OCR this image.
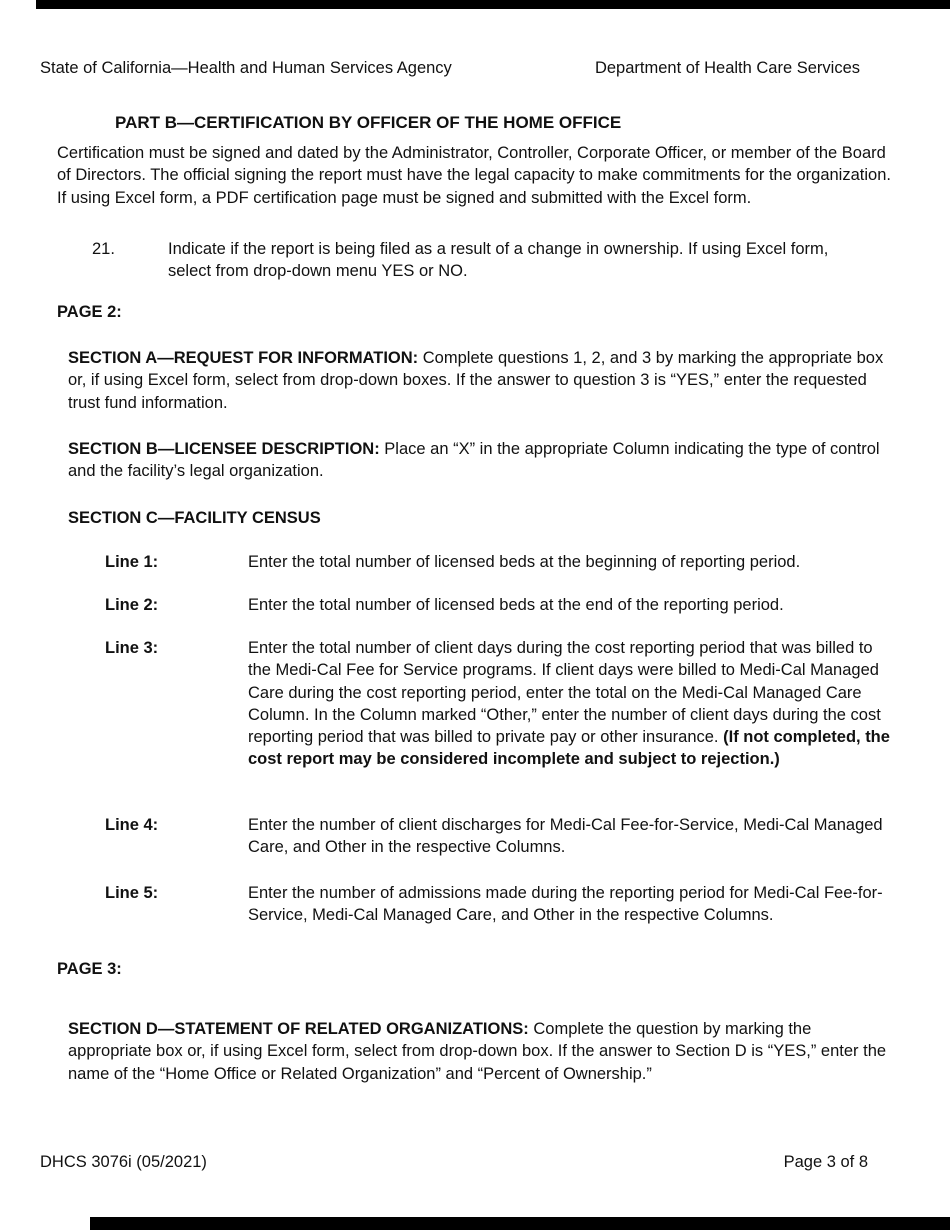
State of California—Health and Human Services Agency	Department of Health Care Services
PART B—CERTIFICATION BY OFFICER OF THE HOME OFFICE

Certification must be signed and dated by the Administrator, Controller, Corporate Officer, or member of the Board of Directors. The official signing the report must have the legal capacity to make commitments for the organization. If using Excel form, a PDF certification page must be signed and submitted with the Excel form.

21.	Indicate if the report is being filed as a result of a change in ownership. If using Excel form, select from drop-down menu YES or NO.
PAGE 2:

SECTION A—REQUEST FOR INFORMATION: Complete questions 1, 2, and 3 by marking the appropriate box or, if using Excel form, select from drop-down boxes. If the answer to question 3 is “YES,” enter the requested trust fund information.

SECTION B—LICENSEE DESCRIPTION: Place an “X” in the appropriate Column indicating the type of control and the facility’s legal organization.

SECTION C—FACILITY CENSUS
Line 1:	Enter the total number of licensed beds at the beginning of reporting period.
Line 2:	Enter the total number of licensed beds at the end of the reporting period.
Line 3:	Enter the total number of client days during the cost reporting period that was billed to the Medi-Cal Fee for Service programs. If client days were billed to Medi-Cal Managed Care during the cost reporting period, enter the total on the Medi-Cal Managed Care Column. In the Column marked “Other,” enter the number of client days during the cost reporting period that was billed to private pay or other insurance. (If not completed, the cost report may be considered incomplete and subject to rejection.)
Line 4:	Enter the number of client discharges for Medi-Cal Fee-for-Service, Medi-Cal Managed Care, and Other in the respective Columns.
Line 5:	Enter the number of admissions made during the reporting period for Medi-Cal Fee-for-Service, Medi-Cal Managed Care, and Other in the respective Columns.
PAGE 3:

SECTION D—STATEMENT OF RELATED ORGANIZATIONS: Complete the question by marking the appropriate box or, if using Excel form, select from drop-down box. If the answer to Section D is “YES,” enter the name of the “Home Office or Related Organization” and “Percent of Ownership.”

DHCS 3076i (05/2021)	Page 3 of 8
